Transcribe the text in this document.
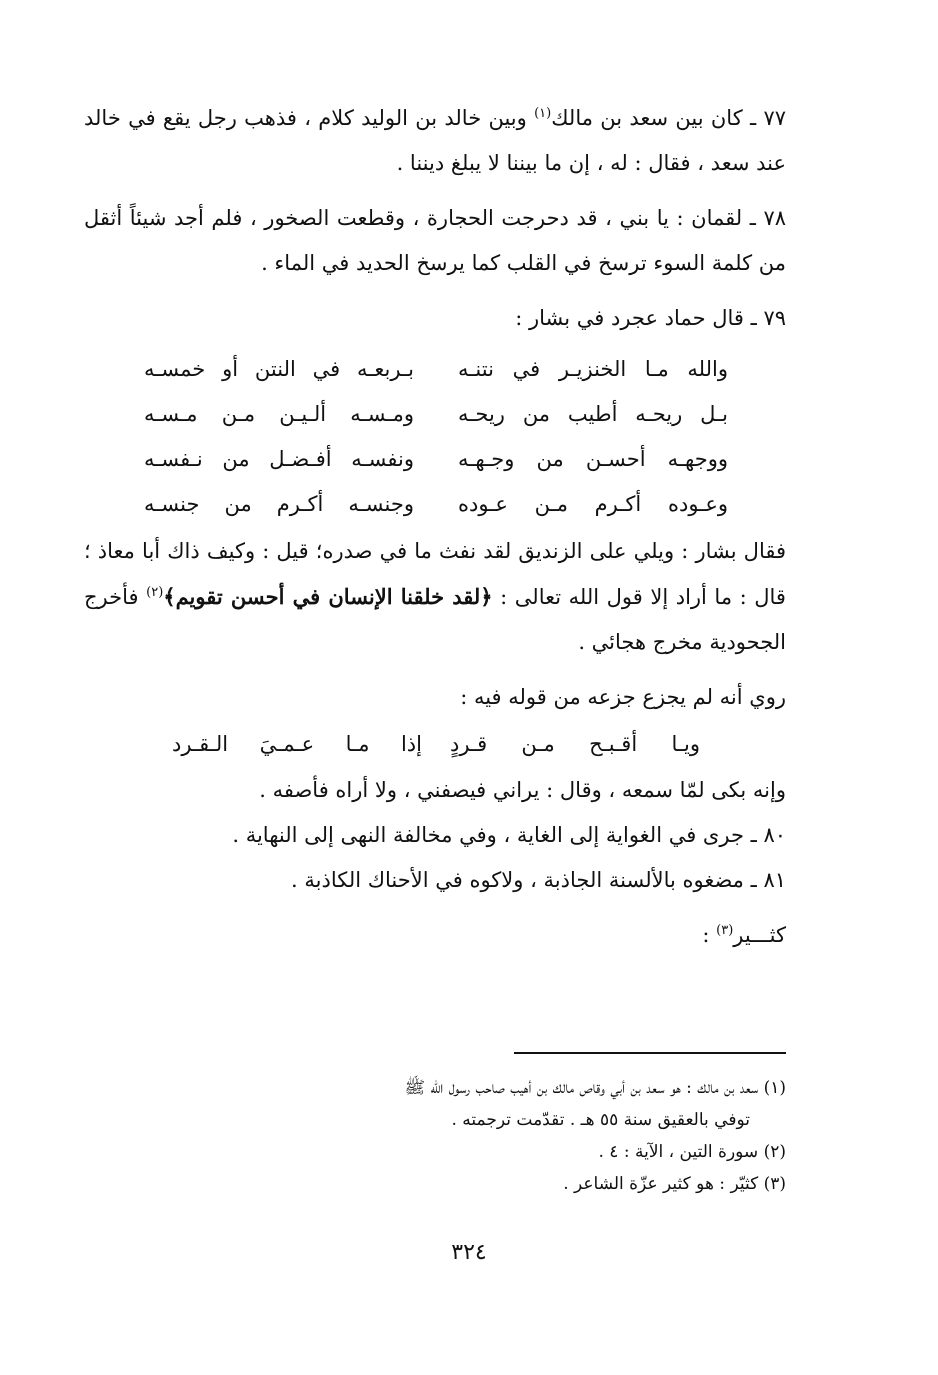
٧٧ ـ كان بين سعد بن مالك$^{(١)}$ وبين خالد بن الوليد كلام ، فذهب رجل يقع في خالد عند سعد ، فقال : له ، إن ما بيننا لا يبلغ ديننا .

٧٨ ـ لقمان : يا بني ، قد دحرجت الحجارة ، وقطعت الصخور ، فلم أجد شيئاً أثقل من كلمة السوء ترسخ في القلب كما يرسخ الحديد في الماء .

٧٩ ـ قال حماد عجرد في بشار :

والله مـا الخنزيـر في نتنـه
بـربعـه في النتن أو خمسـه
بـل ريحـه أطيب من ريحـه
ومـسـه ألـيـن مـن مـسـه
ووجهـه أحسـن من وجـهـه
ونفسـه أفـضـل من نـفسـه
وعـوده أكـرم مـن عـوده
وجنسـه أكـرم من جنسـه

فقال بشار : ويلي على الزنديق لقد نفث ما في صدره؛ قيل : وكيف ذاك أبا معاذ ؛ قال : ما أراد إلا قول الله تعالى : ﴿لقد خلقنا الإنسان في أحسن تقويم﴾$^{(٢)}$ فأخرج الجحودية مخرج هجائي .

روي أنه لم يجزع جزعه من قوله فيه :

ويـا أقـبـح مـن قـردٍ
إذا مـا عـمـيَ الـقـرد

وإنه بكى لمّا سمعه ، وقال : يراني فيصفني ، ولا أراه فأصفه .

٨٠ ـ جرى في الغواية إلى الغاية ، وفي مخالفة النهى إلى النهاية .

٨١ ـ مضغوه بالألسنة الجاذبة ، ولاكوه في الأحناك الكاذبة .

كثـــير$^{(٣)}$ :

(١) سعد بن مالك : هو سعد بن أبي وقاص مالك بن أهيب صاحب رسول الله ﷺ

توفي بالعقيق سنة ٥٥ هـ . تقدّمت ترجمته .

(٢) سورة التين ، الآية : ٤ .

(٣) كثيّر : هو كثير عزّة الشاعر .

٣٢٤
